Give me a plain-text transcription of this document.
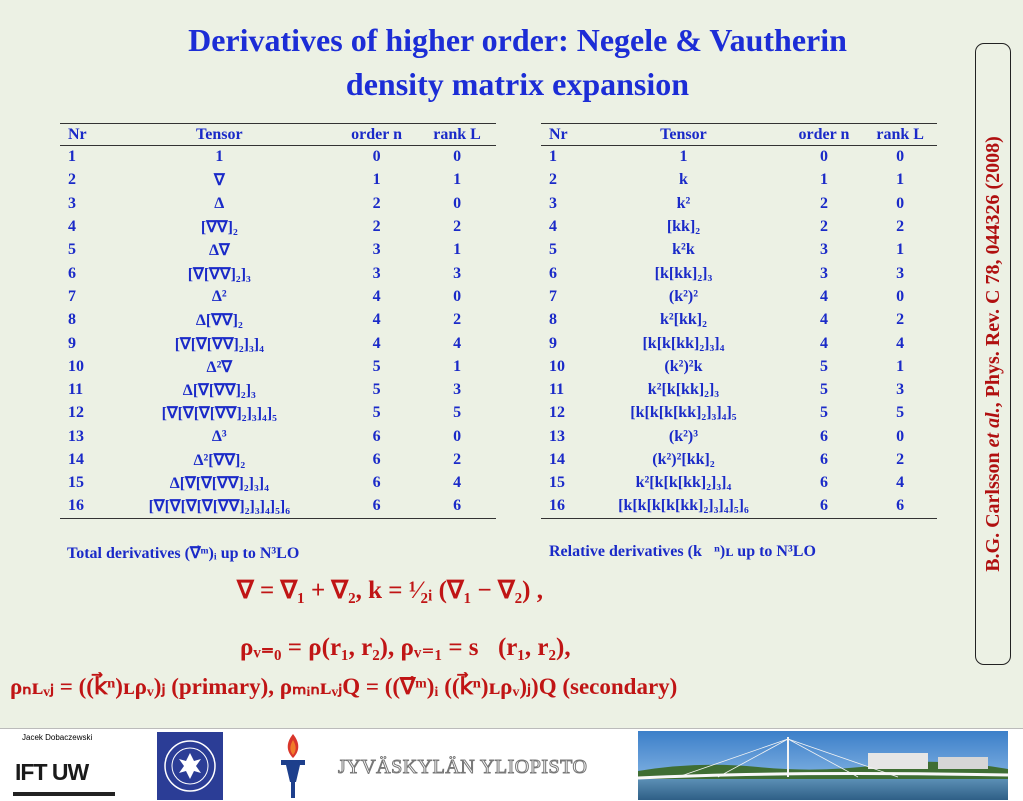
Derivatives of higher order: Negele & Vautherin
density matrix expansion
B.G. Carlsson et al., Phys. Rev. C 78, 044326 (2008)
Nr	Tensor	order n	rank L
1	1	0	0
2	∇	1	1
3	Δ	2	0
4	[∇∇]₂	2	2
5	Δ∇	3	1
6	[∇[∇∇]₂]₃	3	3
7	Δ²	4	0
8	Δ[∇∇]₂	4	2
9	[∇[∇[∇∇]₂]₃]₄	4	4
10	Δ²∇	5	1
11	Δ[∇[∇∇]₂]₃	5	3
12	[∇[∇[∇[∇∇]₂]₃]₄]₅	5	5
13	Δ³	6	0
14	Δ²[∇∇]₂	6	2
15	Δ[∇[∇[∇∇]₂]₃]₄	6	4
16	[∇[∇[∇[∇[∇∇]₂]₃]₄]₅]₆	6	6
Total derivatives (∇⃗ᵐ)ᵢ up to N³LO
Nr	Tensor	order n	rank L
1	1	0	0
2	k	1	1
3	k²	2	0
4	[kk]₂	2	2
5	k²k	3	1
6	[k[kk]₂]₃	3	3
7	(k²)²	4	0
8	k²[kk]₂	4	2
9	[k[k[kk]₂]₃]₄	4	4
10	(k²)²k	5	1
11	k²[k[kk]₂]₃	5	3
12	[k[k[k[kk]₂]₃]₄]₅	5	5
13	(k²)³	6	0
14	(k²)²[kk]₂	6	2
15	k²[k[k[kk]₂]₃]₄	6	4
16	[k[k[k[k[kk]₂]₃]₄]₅]₆	6	6
Relative derivatives (k⃗ⁿ)ʟ up to N³LO
∇ = ∇₁ + ∇₂, k = ¹⁄₂ᵢ (∇₁ − ∇₂) ,
ρᵥ₌₀ = ρ(r₁, r₂), ρᵥ₌₁ = s⃗(r₁, r₂),
ρₙʟᵥⱼ = ((k⃗ⁿ)ʟρᵥ)ⱼ (primary), ρₘᵢₙʟᵥⱼQ = ((∇⃗ᵐ)ᵢ ((k⃗ⁿ)ʟρᵥ)ⱼ)Q (secondary)
Jacek Dobaczewski
IFT UW	JYVÄSKYLÄN YLIOPISTO
